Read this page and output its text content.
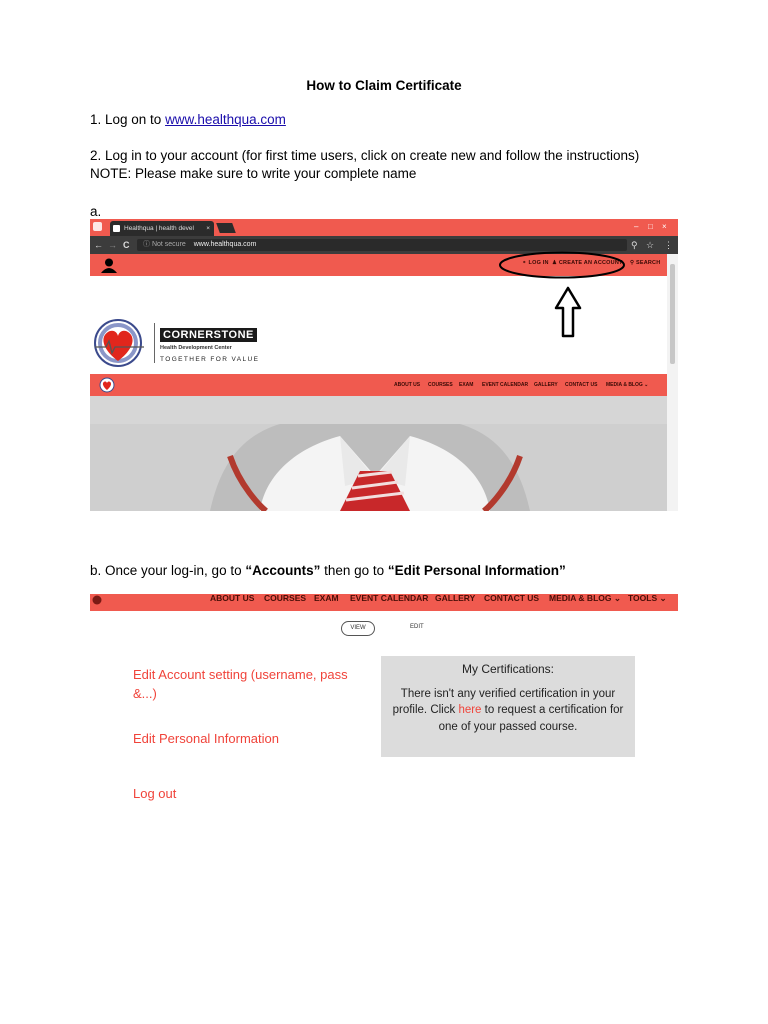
How to Claim Certificate
1. Log on to www.healthqua.com
2. Log in to your account (for first time users, click on create new and follow the instructions)
NOTE: Please make sure to write your complete name
a.
Healthqua | health devel ×	– □ ×
← → C	ⓘ Not secure www.healthqua.com	⚲ ☆ ⋮
⚬ LOG IN ♟ CREATE AN ACCOUNT ⚲ SEARCH
CORNERSTONE
Health Development Center
TOGETHER FOR VALUE
ABOUT US COURSES EXAM EVENT CALENDAR GALLERY CONTACT US MEDIA & BLOG ⌄
b. Once your log-in, go to “Accounts” then go to “Edit Personal Information”
ABOUT US COURSES EXAM EVENT CALENDAR GALLERY CONTACT US MEDIA & BLOG ⌄ TOOLS ⌄
VIEW	EDIT
Edit Account setting (username, pass &...)
Edit Personal Information
Log out
My Certifications:
There isn't any verified certification in your profile. Click here to request a certification for one of your passed course.
